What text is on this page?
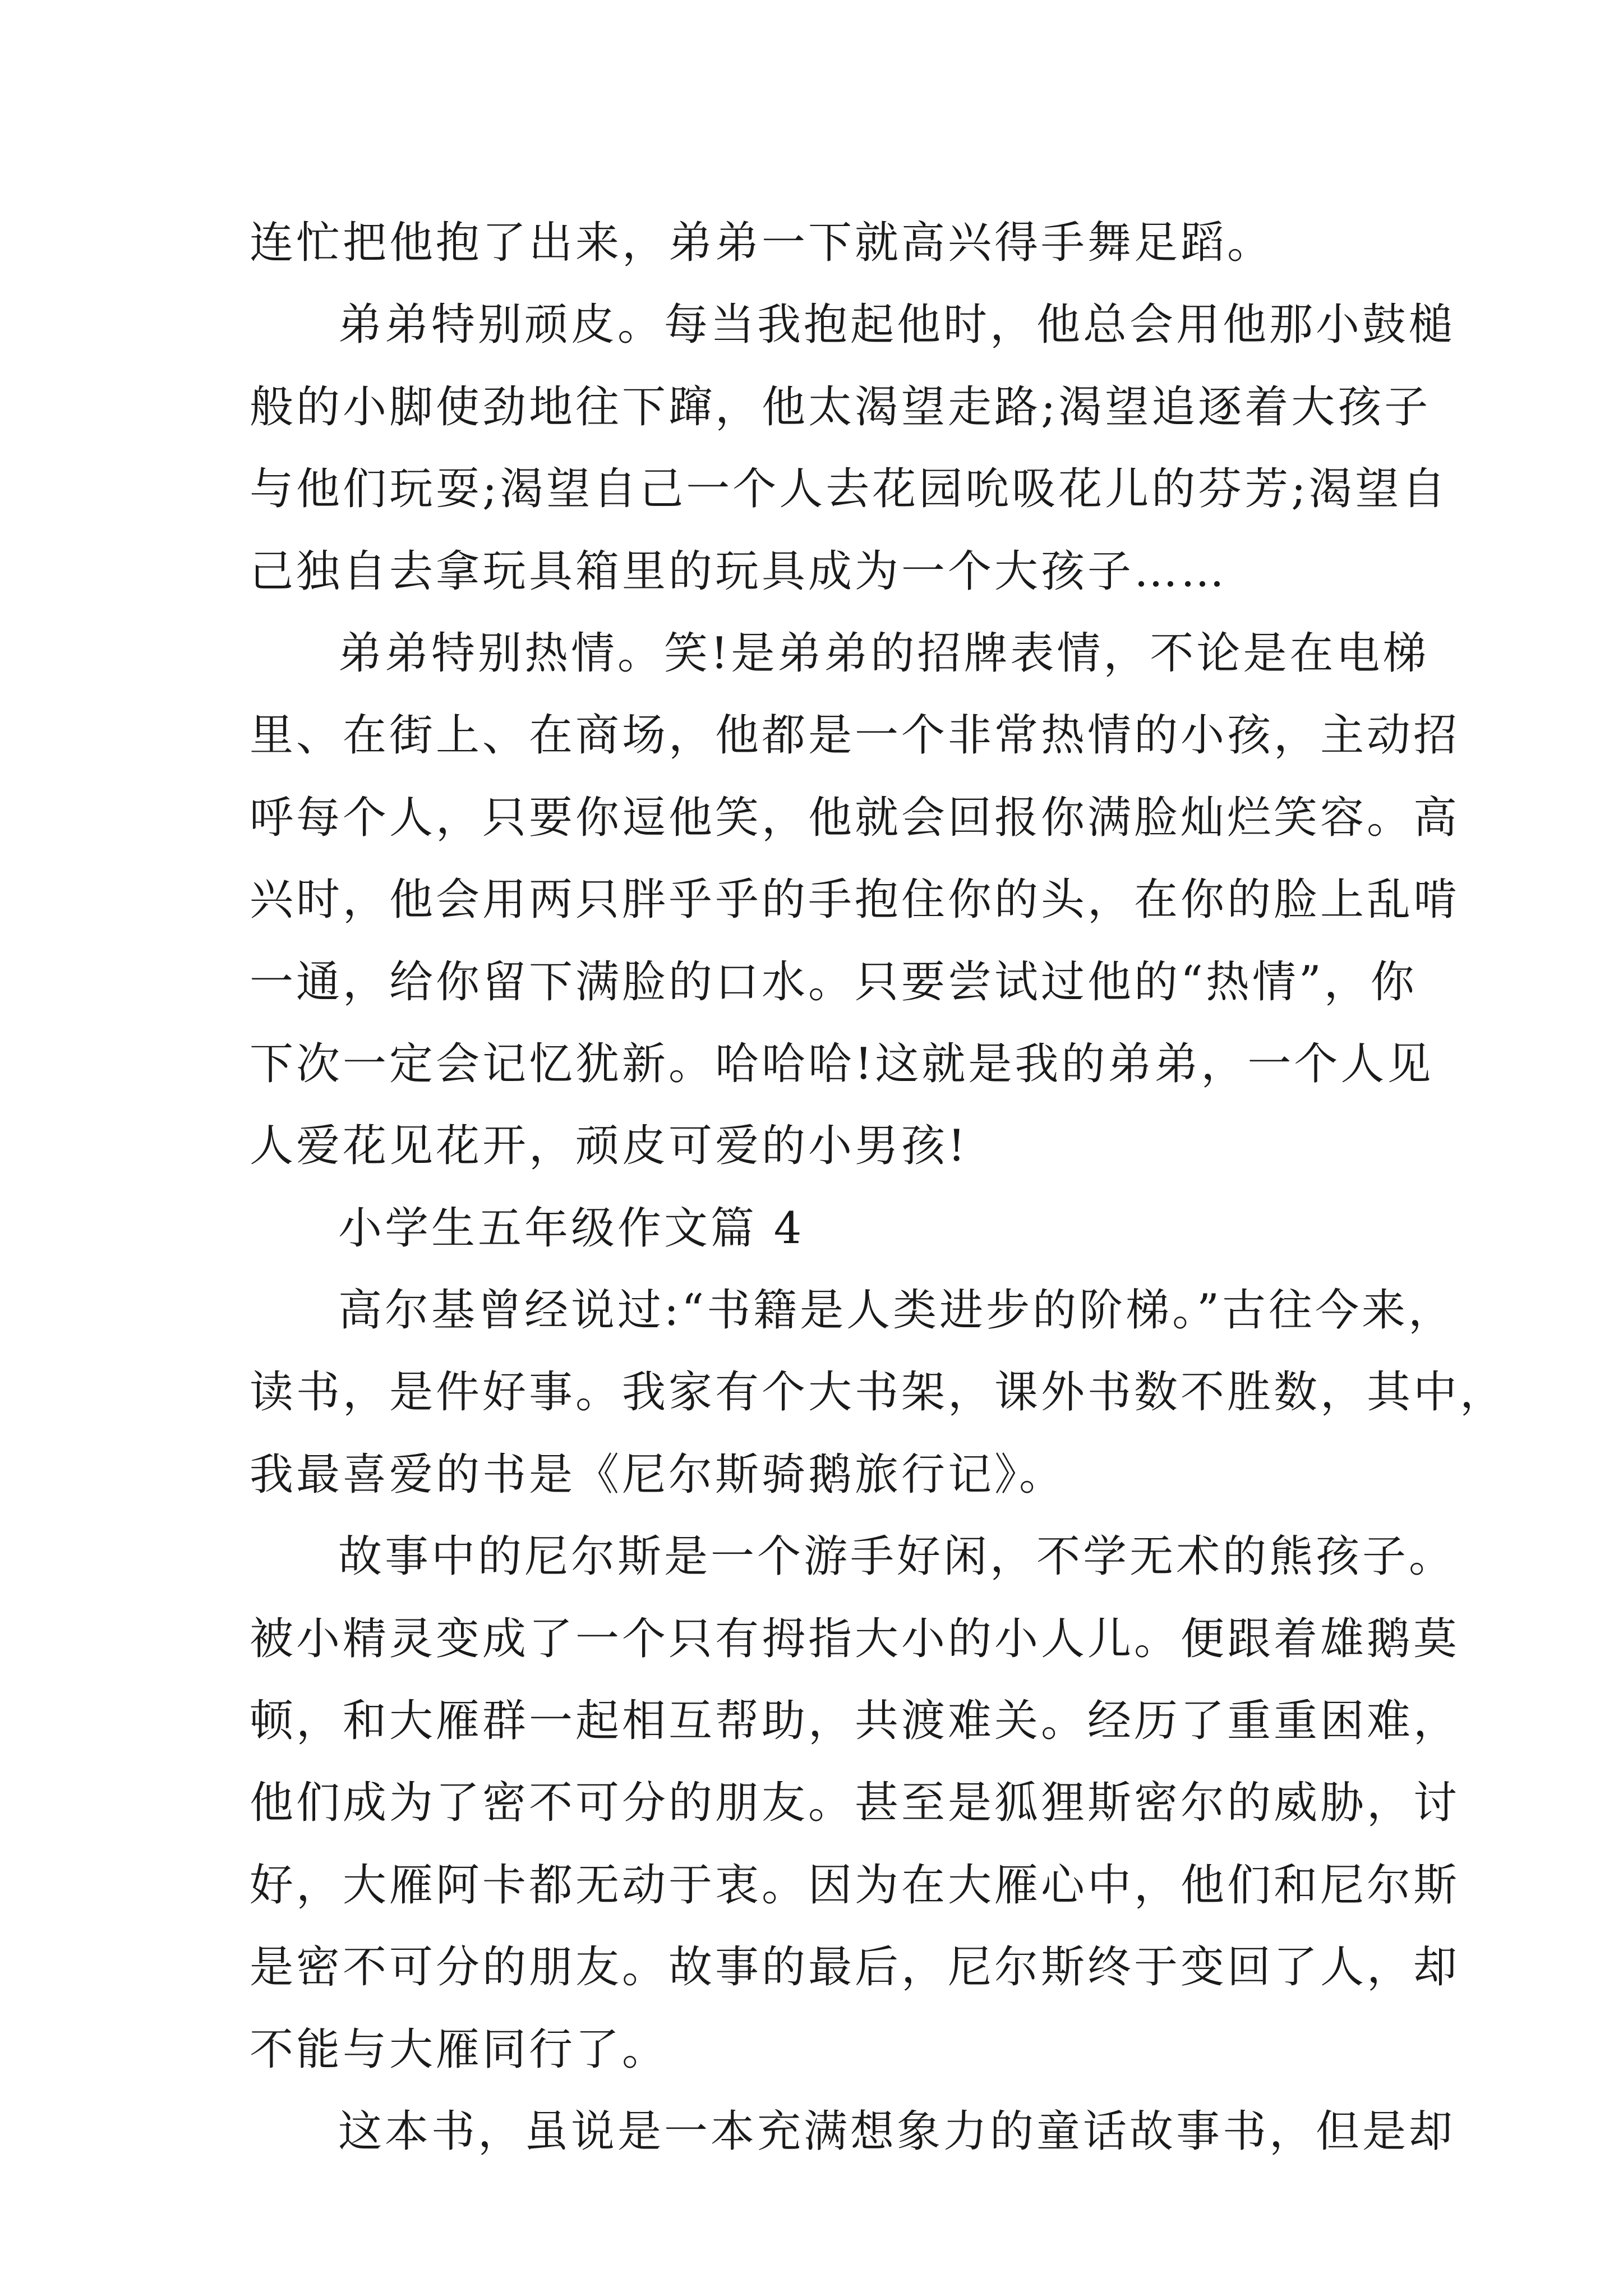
连忙把他抱了出来，弟弟一下就高兴得手舞足蹈。
弟弟特别顽皮。每当我抱起他时，他总会用他那小鼓槌
般的小脚使劲地往下蹿，他太渴望走路;渴望追逐着大孩子
与他们玩耍;渴望自己一个人去花园吮吸花儿的芬芳;渴望自
己独自去拿玩具箱里的玩具成为一个大孩子……
弟弟特别热情。笑!是弟弟的招牌表情，不论是在电梯
里、在街上、在商场，他都是一个非常热情的小孩，主动招
呼每个人，只要你逗他笑，他就会回报你满脸灿烂笑容。高
兴时，他会用两只胖乎乎的手抱住你的头，在你的脸上乱啃
一通，给你留下满脸的口水。只要尝试过他的“热情”，你
下次一定会记忆犹新。哈哈哈!这就是我的弟弟，一个人见
人爱花见花开，顽皮可爱的小男孩!
小学生五年级作文篇 4
高尔基曾经说过:“书籍是人类进步的阶梯。”古往今来，
读书，是件好事。我家有个大书架，课外书数不胜数，其中，
我最喜爱的书是《尼尔斯骑鹅旅行记》。
故事中的尼尔斯是一个游手好闲，不学无术的熊孩子。
被小精灵变成了一个只有拇指大小的小人儿。便跟着雄鹅莫
顿，和大雁群一起相互帮助，共渡难关。经历了重重困难，
他们成为了密不可分的朋友。甚至是狐狸斯密尔的威胁，讨
好，大雁阿卡都无动于衷。因为在大雁心中，他们和尼尔斯
是密不可分的朋友。故事的最后，尼尔斯终于变回了人，却
不能与大雁同行了。
这本书，虽说是一本充满想象力的童话故事书，但是却
